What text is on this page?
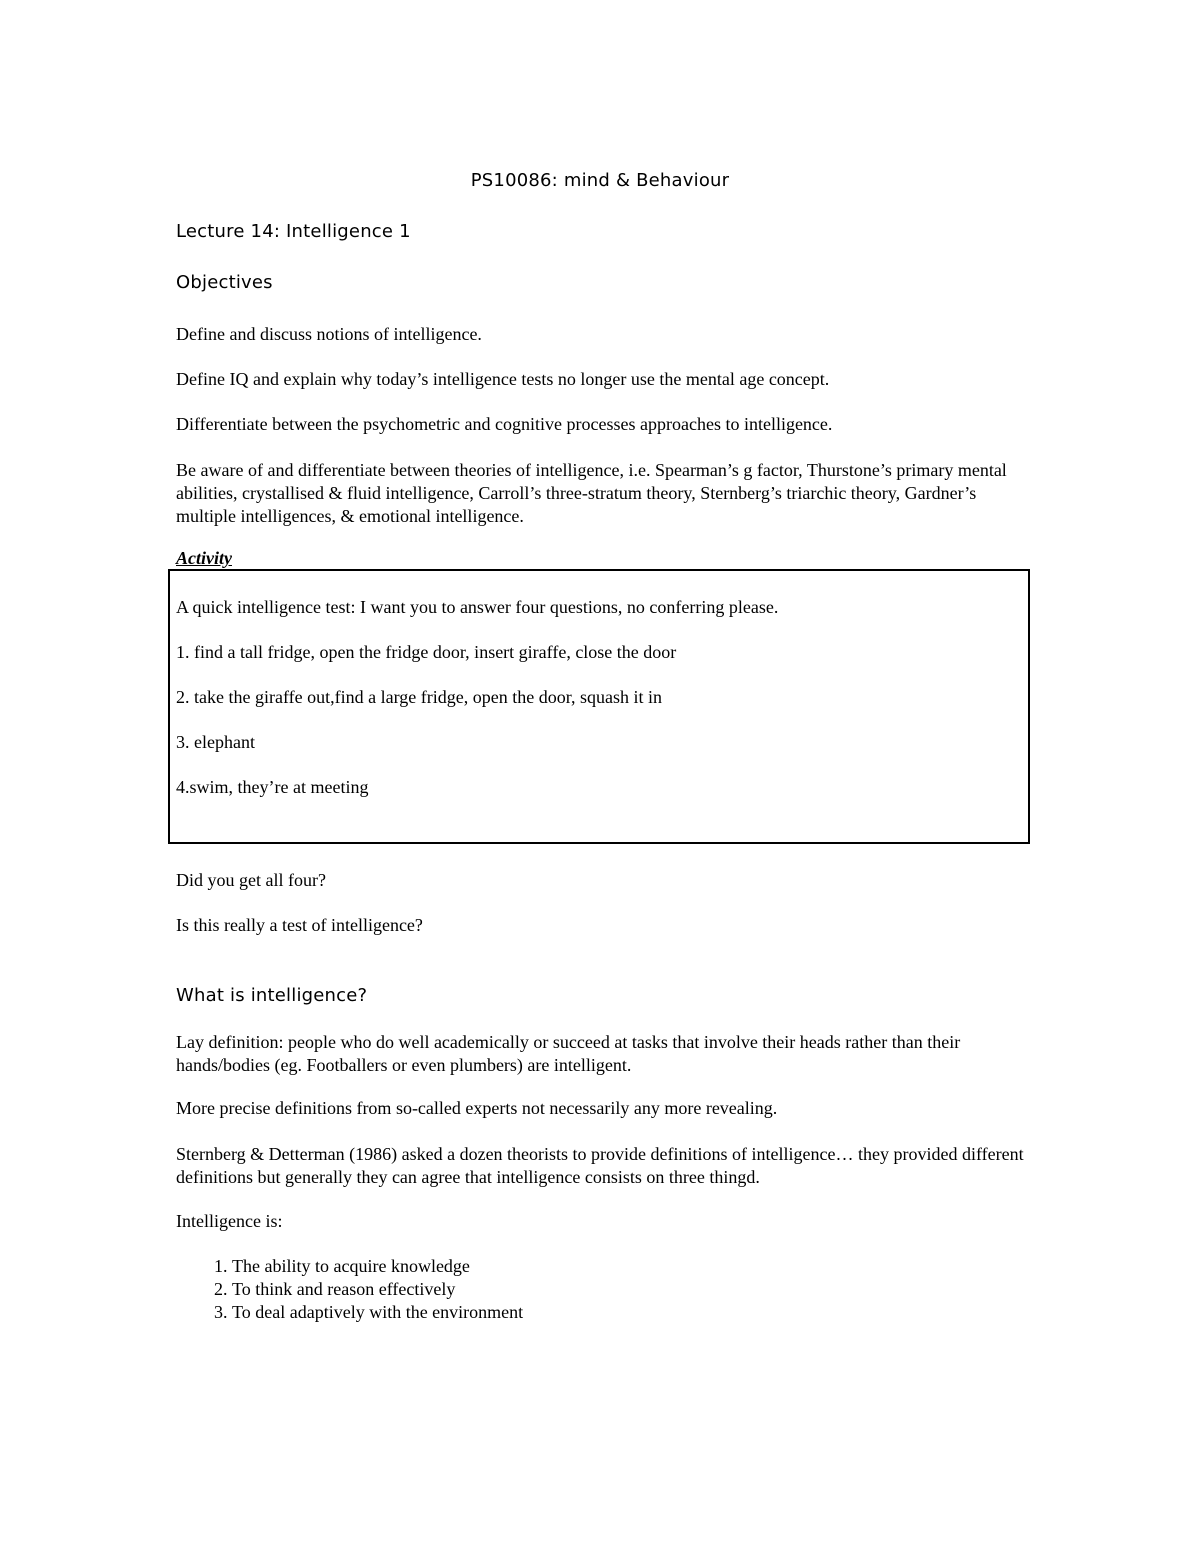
PS10086: mind & Behaviour

Lecture 14: Intelligence 1

Objectives

Define and discuss notions of intelligence.

Define IQ and explain why today’s intelligence tests no longer use the mental age concept.

Differentiate between the psychometric and cognitive processes approaches to intelligence.

Be aware of and differentiate between theories of intelligence, i.e. Spearman’s g factor, Thurstone’s primary mental abilities, crystallised & fluid intelligence, Carroll’s three-stratum theory, Sternberg’s triarchic theory, Gardner’s multiple intelligences, & emotional intelligence.

Activity

A quick intelligence test: I want you to answer four questions, no conferring please.

1. find a tall fridge, open the fridge door, insert giraffe, close the door

2. take the giraffe out,find a large fridge, open the door, squash it in

3. elephant

4.swim, they’re at meeting

Did you get all four?

Is this really a test of intelligence?

What is intelligence?

Lay definition: people who do well academically or succeed at tasks that involve their heads rather than their hands/bodies (eg. Footballers or even plumbers) are intelligent.

More precise definitions from so-called experts not necessarily any more revealing.

Sternberg & Detterman (1986) asked a dozen theorists to provide definitions of intelligence… they provided different definitions but generally they can agree that intelligence consists on three thingd.

Intelligence is:

1. The ability to acquire knowledge
2. To think and reason effectively
3. To deal adaptively with the environment
